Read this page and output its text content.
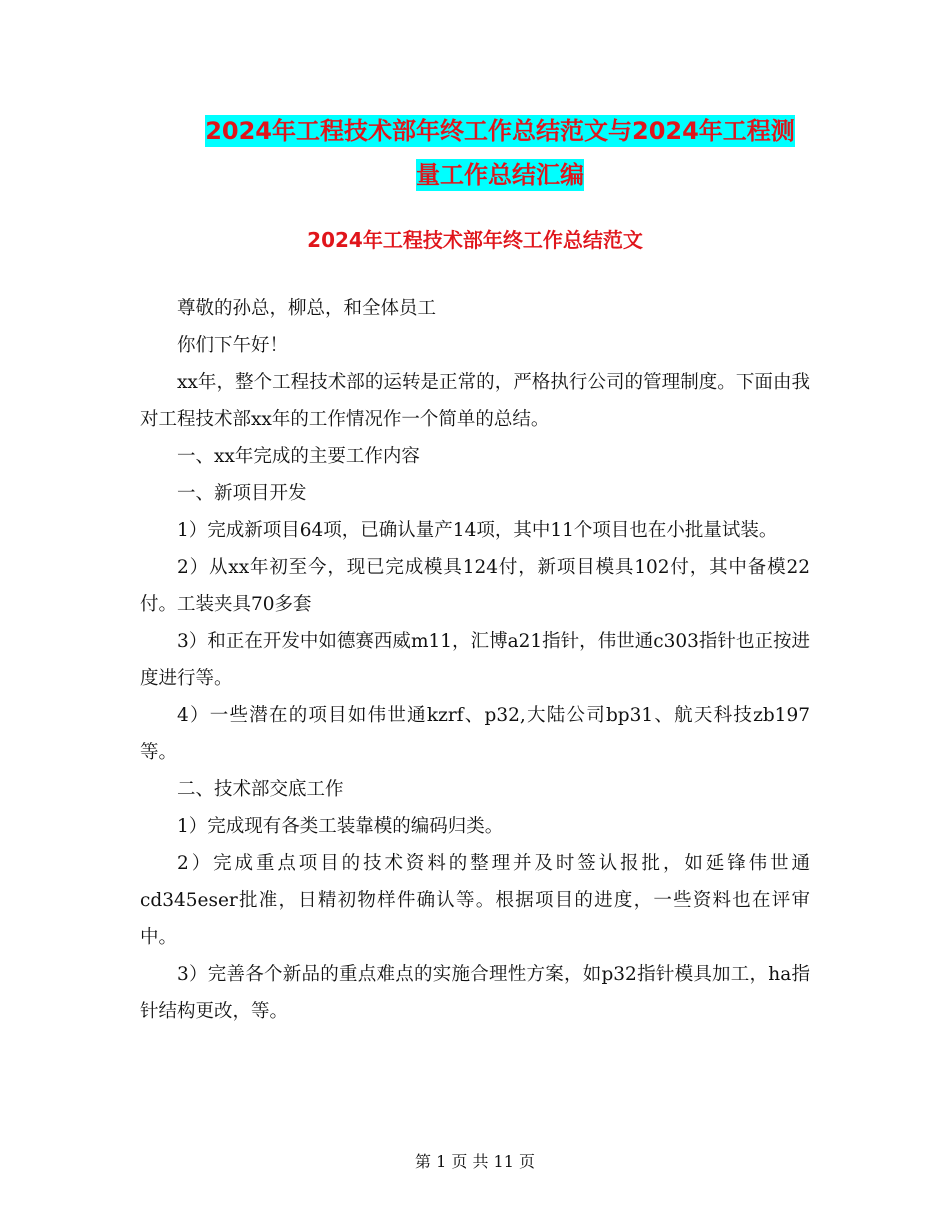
2024年工程技术部年终工作总结范文与2024年工程测
量工作总结汇编
2024年工程技术部年终工作总结范文

尊敬的孙总，柳总，和全体员工

你们下午好！

xx年，整个工程技术部的运转是正常的，严格执行公司的管理制度。下面由我对工程技术部xx年的工作情况作一个简单的总结。

一、xx年完成的主要工作内容

一、新项目开发

1）完成新项目64项，已确认量产14项，其中11个项目也在小批量试装。

2）从xx年初至今，现已完成模具124付，新项目模具102付，其中备模22付。工装夹具70多套

3）和正在开发中如德赛西威m11，汇博a21指针，伟世通c303指针也正按进度进行等。

4）一些潜在的项目如伟世通kzrf、p32,大陆公司bp31、航天科技zb197等。

二、技术部交底工作

1）完成现有各类工装靠模的编码归类。

2）完成重点项目的技术资料的整理并及时签认报批，如延锋伟世通cd345eser批准，日精初物样件确认等。根据项目的进度，一些资料也在评审中。

3）完善各个新品的重点难点的实施合理性方案，如p32指针模具加工，ha指针结构更改，等。

第 1 页 共 11 页
